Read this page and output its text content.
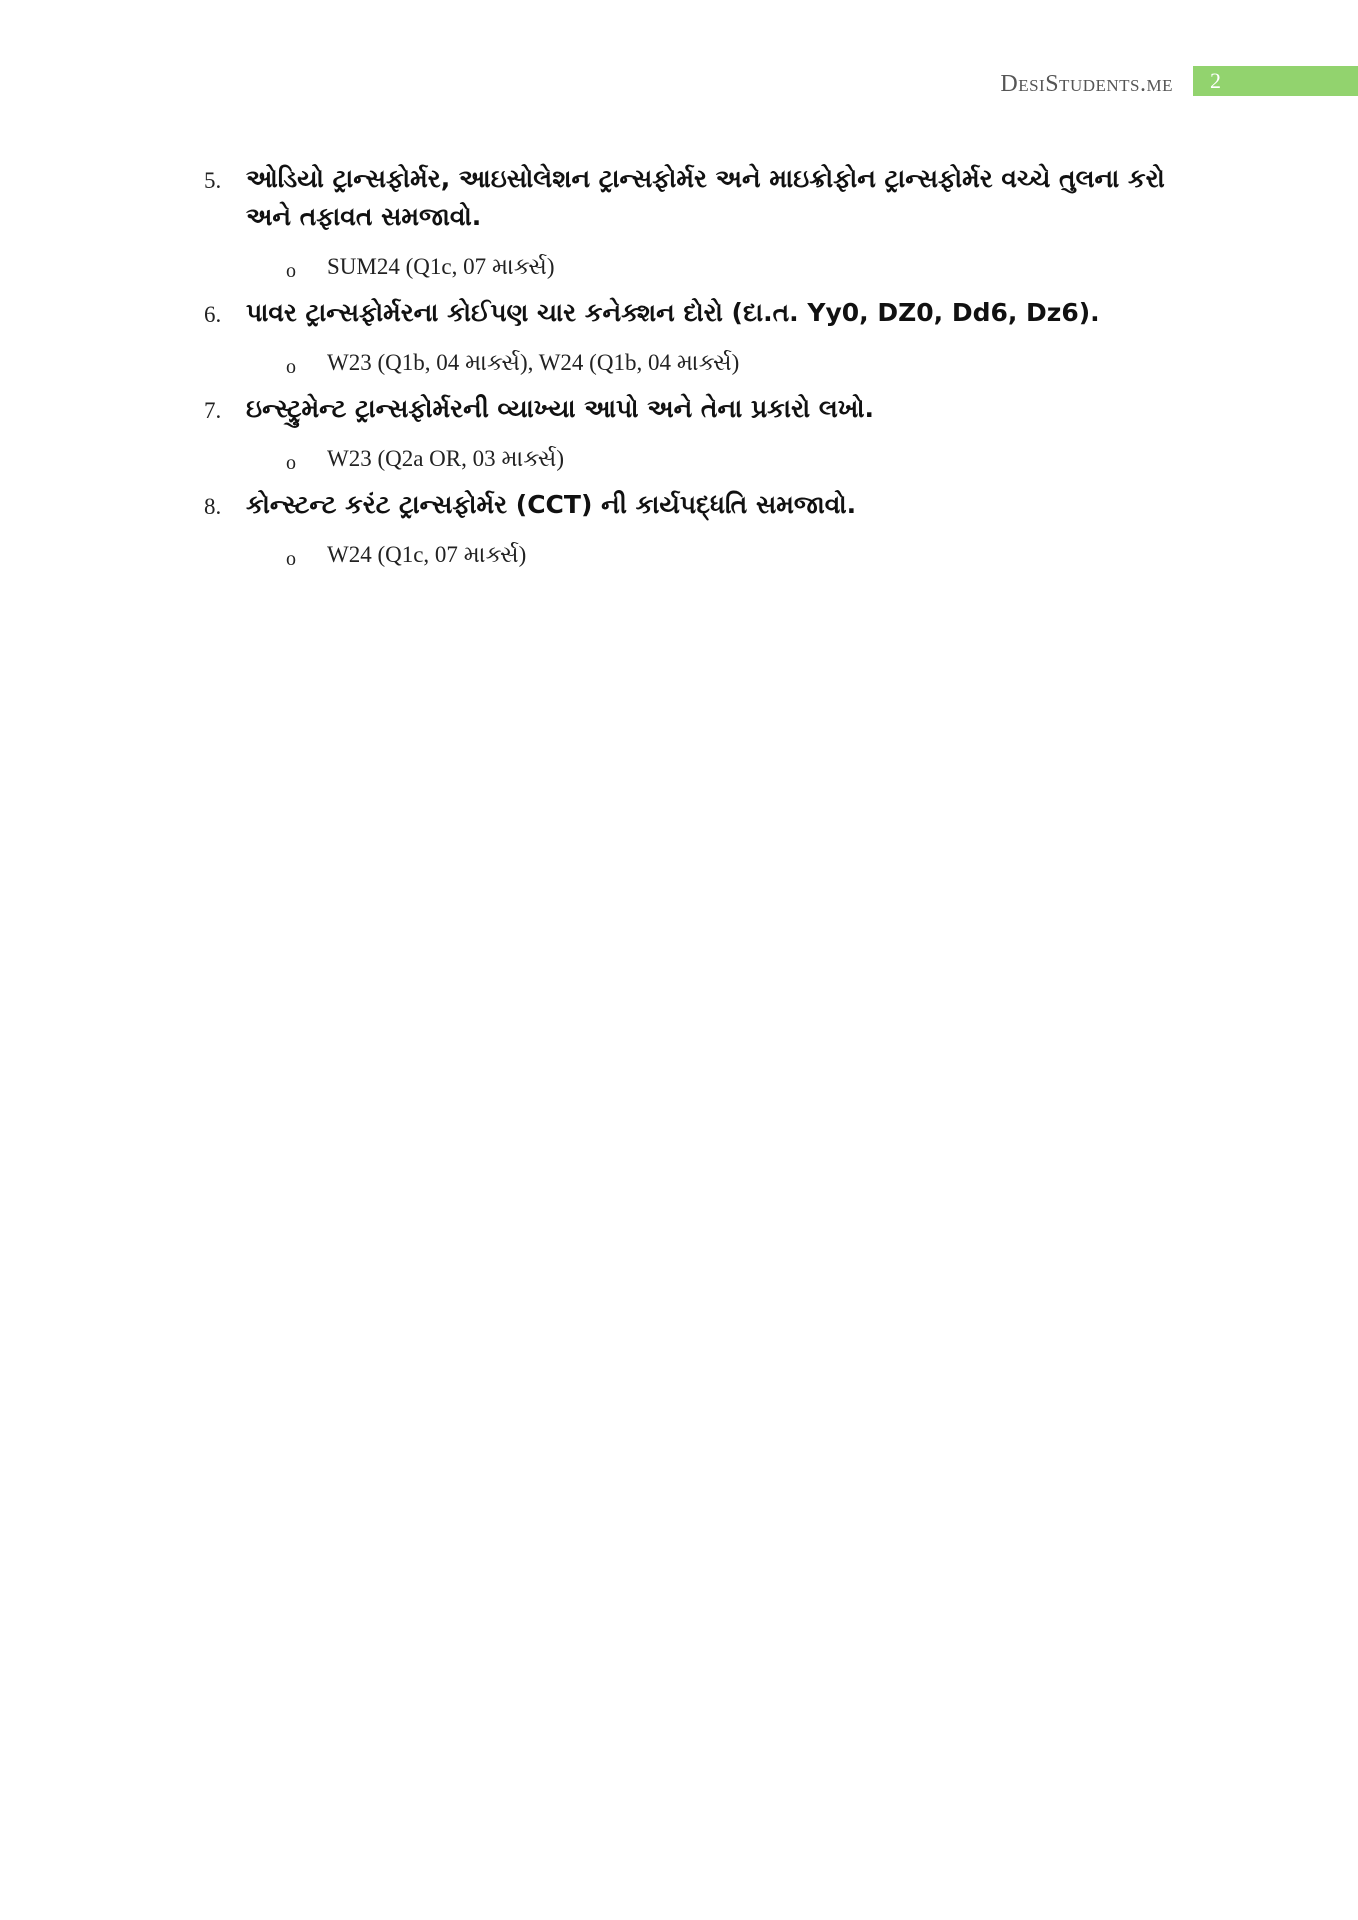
DesiStudents.me 2
5. ઓડિયો ટ્રાન્સફોર્મર, આઇસોલેશન ટ્રાન્સફોર્મર અને માઇક્રોફોન ટ્રાન્સફોર્મર વચ્ચે તુલના કરો અને તફાવત સમજાવો.
o SUM24 (Q1c, 07 માર્ક્સ)
6. પાવર ટ્રાન્સફોર્મરના કોઈપણ ચાર કનેક્શન દોરો (દા.ત. Yy0, DZ0, Dd6, Dz6).
o W23 (Q1b, 04 માર્ક્સ), W24 (Q1b, 04 માર્ક્સ)
7. ઇન્સ્ટ્રુમેન્ટ ટ્રાન્સફોર્મરની વ્યાખ્યા આપો અને તેના પ્રકારો લખો.
o W23 (Q2a OR, 03 માર્ક્સ)
8. કોન્સ્ટન્ટ કરંટ ટ્રાન્સફોર્મર (CCT) ની કાર્યપદ્ધતિ સમજાવો.
o W24 (Q1c, 07 માર્ક્સ)
